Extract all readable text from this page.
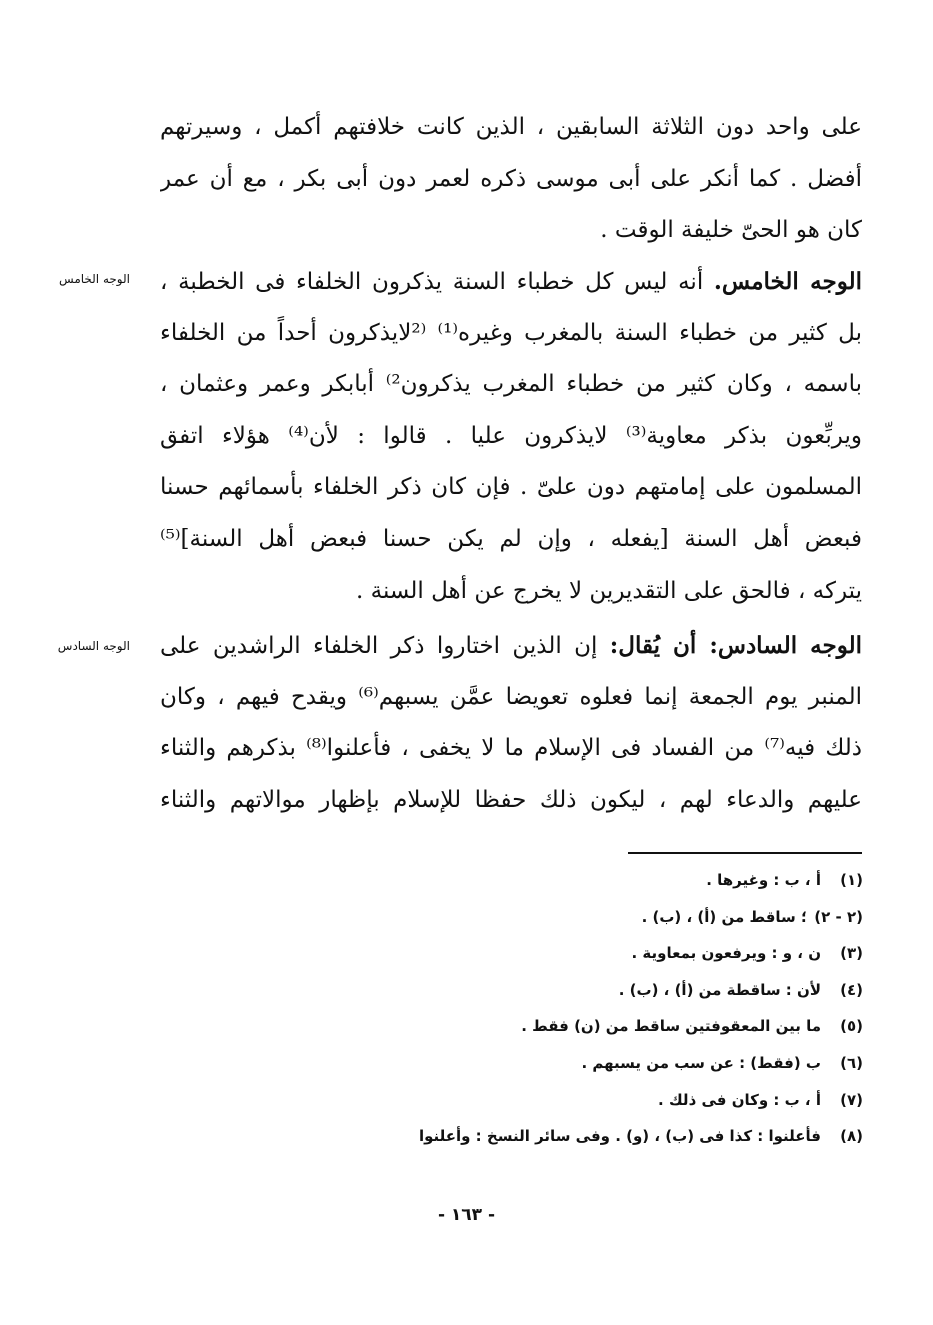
على واحد دون الثلاثة السابقين ، الذين كانت خلافتهم أكمل ، وسيرتهم
أفضل . كما أنكر على أبى موسى ذكره لعمر دون أبى بكر ، مع أن عمر
كان هو الحىّ خليفة الوقت .
الوجه الخامس	الوجه الخامس. أنه ليس كل خطباء السنة يذكرون الخلفاء فى الخطبة ،
بل كثير من خطباء السنة بالمغرب وغيره⁽¹⁾ ⁽²لايذكرون أحداً من الخلفاء
باسمه ، وكان كثير من خطباء المغرب يذكرون²⁾ أبابكر وعمر وعثمان ،
ويربِّعون بذكر معاوية⁽³⁾ لايذكرون عليا . قالوا : لأن⁽⁴⁾ هؤلاء اتفق
المسلمون على إمامتهم دون علىّ . فإن كان ذكر الخلفاء بأسمائهم حسنا
فبعض أهل السنة [يفعله ، وإن لم يكن حسنا فبعض أهل السنة]⁽⁵⁾
يتركه ، فالحق على التقديرين لا يخرج عن أهل السنة .
الوجه السادس	الوجه السادس: أن يُقال: إن الذين اختاروا ذكر الخلفاء الراشدين على
المنبر يوم الجمعة إنما فعلوه تعويضا عمَّن يسبهم⁽⁶⁾ ويقدح فيهم ، وكان
ذلك فيه⁽⁷⁾ من الفساد فى الإسلام ما لا يخفى ، فأعلنوا⁽⁸⁾ بذكرهم والثناء
عليهم والدعاء لهم ، ليكون ذلك حفظا للإسلام بإظهار موالاتهم والثناء
(١)أ ، ب : وغيرها .
(٢ - ٢)؛ ساقط من (أ) ، (ب) .
(٣)ن ، و : ويرفعون بمعاوية .
(٤)لأن : ساقطة من (أ) ، (ب) .
(٥)ما بين المعقوفتين ساقط من (ن) فقط .
(٦)ب (فقط) : عن سب من يسبهم .
(٧)أ ، ب : وكان فى ذلك .
(٨)فأعلنوا : كذا فى (ب) ، (و) . وفى سائر النسخ : وأعلنوا
- ١٦٣ -
